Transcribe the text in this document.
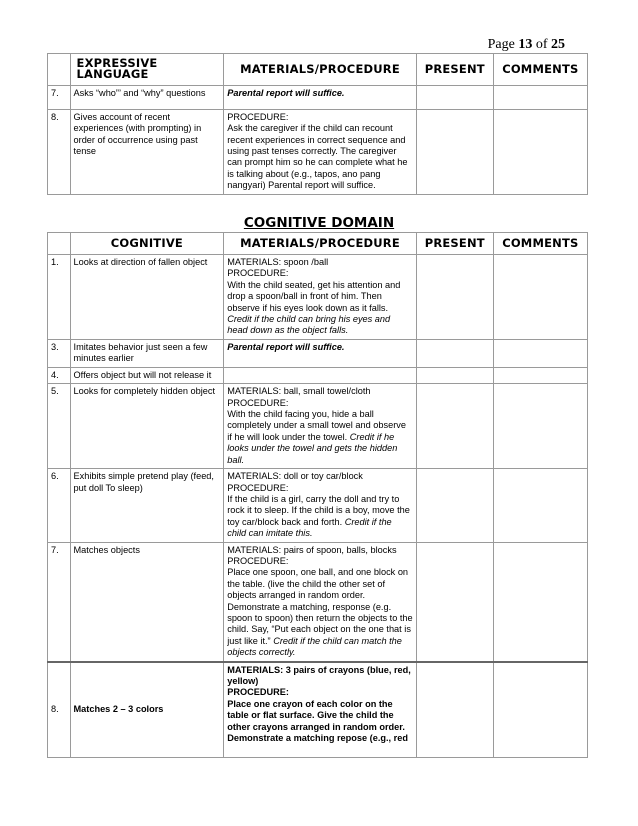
Page 13 of 25
	EXPRESSIVE LANGUAGE	MATERIALS/PROCEDURE	PRESENT	COMMENTS
7.	Asks “who”’ and “why” questions	Parental report will suffice.		
8.	Gives account of recent experiences (with prompting) in order of occurrence using past tense	PROCEDURE:
Ask the caregiver if the child can recount recent experiences in correct sequence and using past tenses correctly. The caregiver can prompt him so he can complete what he is talking about (e.g., tapos, ano pang nangyari) Parental report will suffice.		

COGNITIVE DOMAIN
	COGNITIVE	MATERIALS/PROCEDURE	PRESENT	COMMENTS
1.	Looks at direction of fallen object	MATERIALS: spoon /ball
PROCEDURE:
With the child seated, get his attention and drop a spoon/ball in front of him. Then observe if his eyes look down as it falls. Credit if the child can bring his eyes and head down as the object falls.		

3.	Imitates behavior just seen a few minutes earlier	Parental report will suffice.		
4.	Offers object but will not release it			
5.	Looks for completely hidden object	MATERIALS: ball, small towel/cloth
PROCEDURE:
With the child facing you, hide a ball completely under a small towel and observe if he will look under the towel. Credit if he looks under the towel and gets the hidden ball.		

6.	Exhibits simple pretend play (feed, put doll To sleep)	MATERIALS: doll or toy car/block
PROCEDURE:
If the child is a girl, carry the doll and try to rock it to sleep. If the child is a boy, move the toy car/block back and forth. Credit if the child can imitate this.		

7.	Matches objects	MATERIALS: pairs of spoon, balls, blocks
PROCEDURE:
Place one spoon, one ball, and one block on the table. (live the child the other set of objects arranged in random order. Demonstrate a matching, response (e.g. spoon to spoon) then return the objects to the child. Say, “Put each object on the one that is just like it.” Credit if the child can match the objects correctly.		

8.	Matches 2 – 3 colors	MATERIALS: 3 pairs of crayons (blue, red, yellow)
PROCEDURE:
Place one crayon of each color on the table or flat surface. Give the child the other crayons arranged in random order. Demonstrate a matching repose (e.g., red		
